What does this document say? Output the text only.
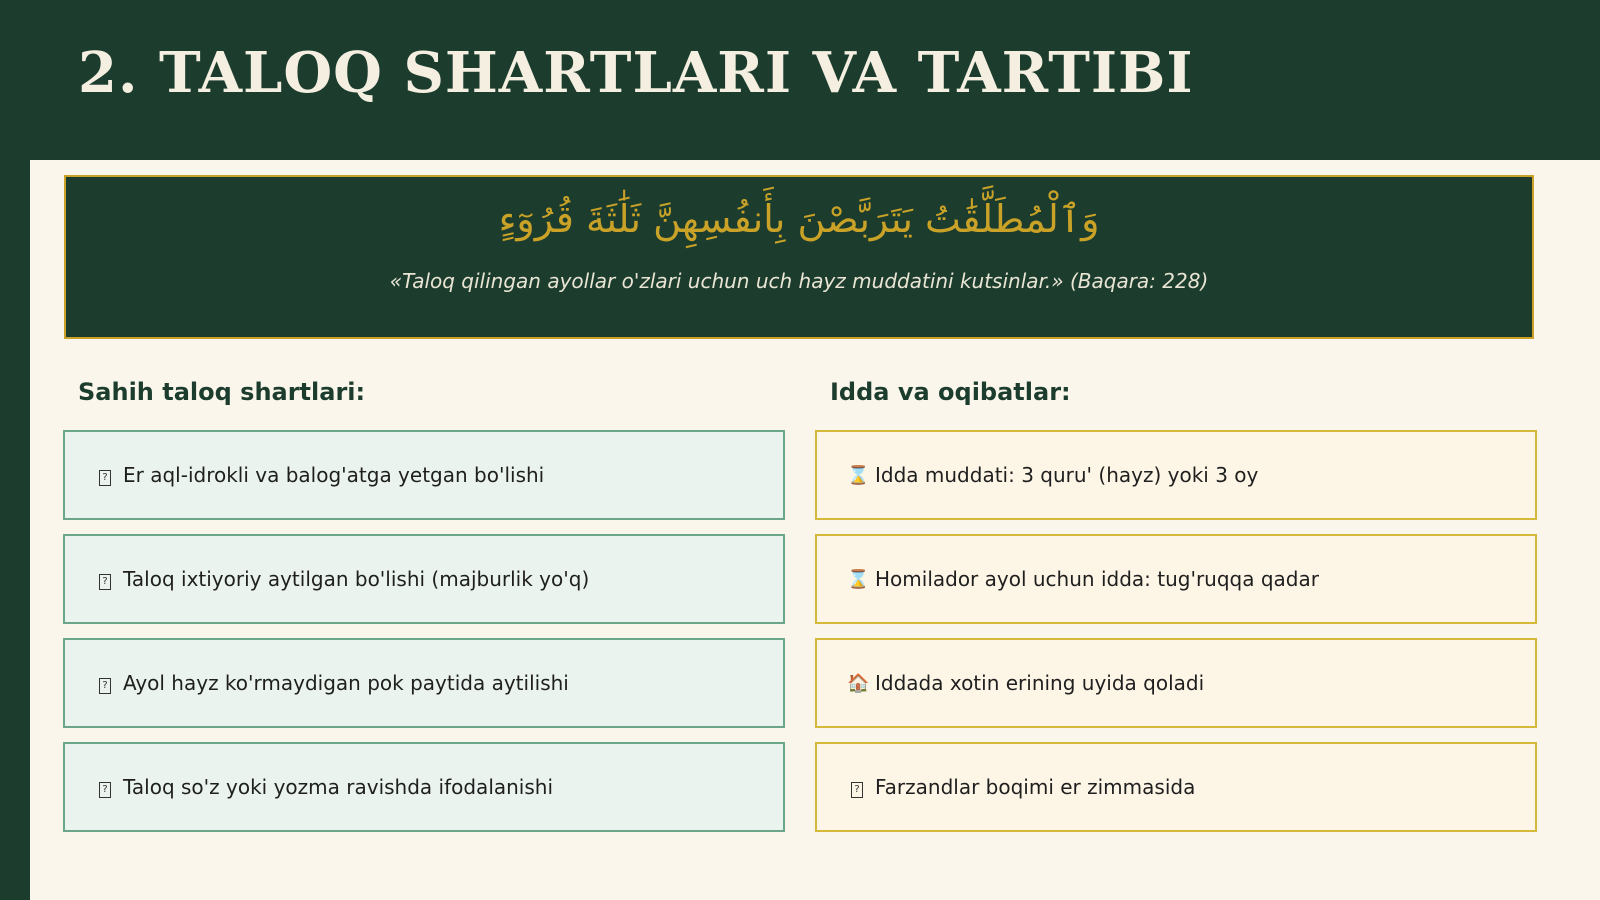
2. TALOQ SHARTLARI VA TARTIBI
وَٱلْمُطَلَّقَٰتُ يَتَرَبَّصْنَ بِأَنفُسِهِنَّ ثَلَٰثَةَ قُرُوٓءٍ
«Taloq qilingan ayollar o'zlari uchun uch hayz muddatini kutsinlar.» (Baqara: 228)
Sahih taloq shartlari:	Idda va oqibatlar:
? Er aql-idrokli va balog'atga yetgan bo'lishi
? Taloq ixtiyoriy aytilgan bo'lishi (majburlik yo'q)
? Ayol hayz ko'rmaydigan pok paytida aytilishi
? Taloq so'z yoki yozma ravishda ifodalanishi
⌛ Idda muddati: 3 quru' (hayz) yoki 3 oy
⌛ Homilador ayol uchun idda: tug'ruqqa qadar
🏠 Iddada xotin erining uyida qoladi
? Farzandlar boqimi er zimmasida
